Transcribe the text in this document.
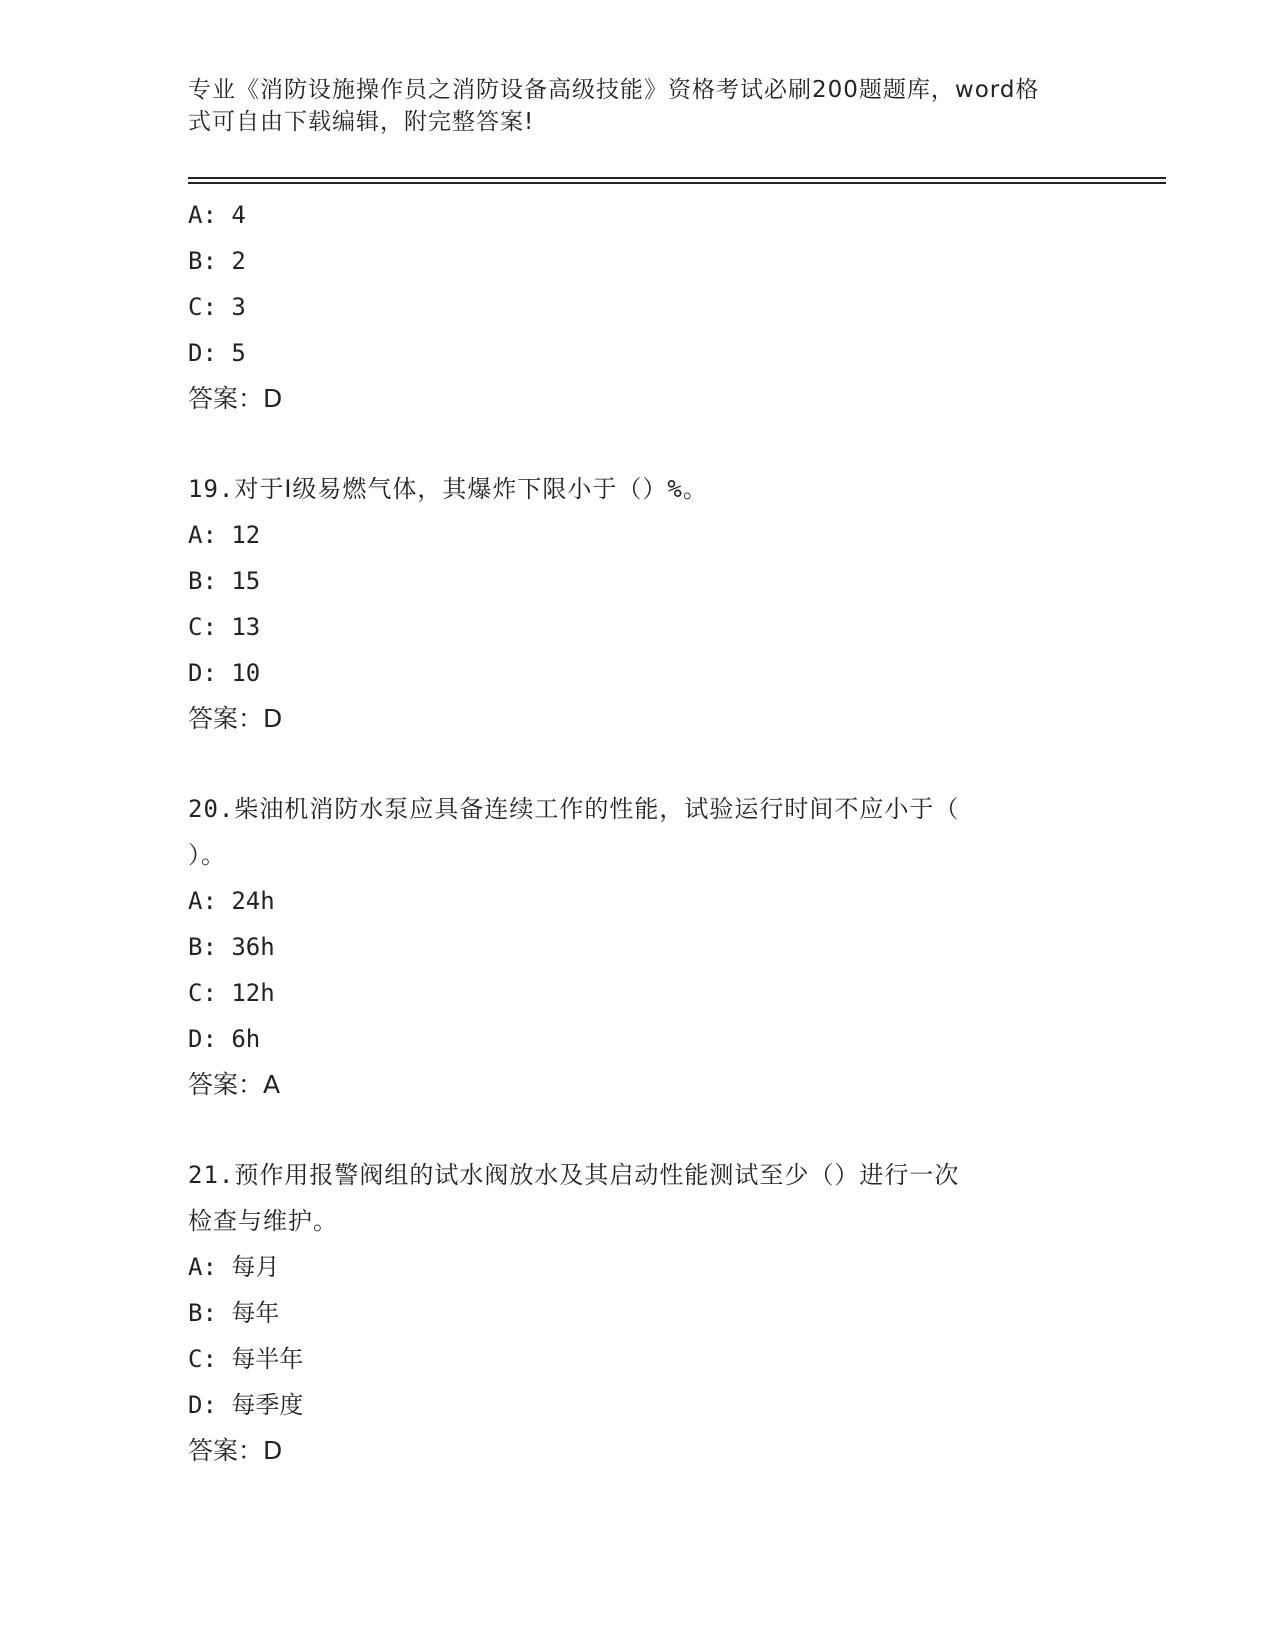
专业《消防设施操作员之消防设备高级技能》资格考试必刷200题题库，word格
式可自由下载编辑，附完整答案!
A: 4
B: 2
C: 3
D: 5
答案：D
19.对于Ⅰ级易燃气体，其爆炸下限小于（）%。
A: 12
B: 15
C: 13
D: 10
答案：D
20.柴油机消防水泵应具备连续工作的性能，试验运行时间不应小于（
）。
A: 24h
B: 36h
C: 12h
D: 6h
答案：A
21.预作用报警阀组的试水阀放水及其启动性能测试至少（）进行一次
检查与维护。
A: 每月
B: 每年
C: 每半年
D: 每季度
答案：D
